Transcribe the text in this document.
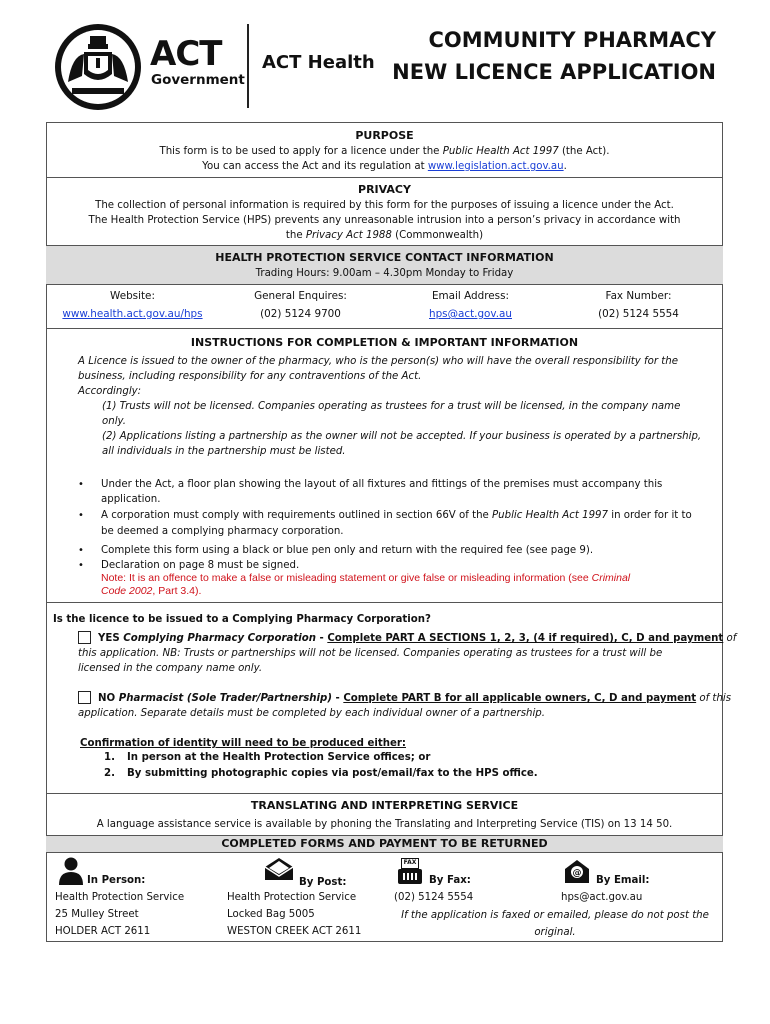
ACT
Government
ACT Health
COMMUNITY PHARMACY
NEW LICENCE APPLICATION
PURPOSE
This form is to be used to apply for a licence under the Public Health Act 1997 (the Act).
You can access the Act and its regulation at www.legislation.act.gov.au.
PRIVACY
The collection of personal information is required by this form for the purposes of issuing a licence under the Act.
The Health Protection Service (HPS) prevents any unreasonable intrusion into a person’s privacy in accordance with
the Privacy Act 1988 (Commonwealth)
HEALTH PROTECTION SERVICE CONTACT INFORMATION
Trading Hours: 9.00am – 4.30pm Monday to Friday
Website:
www.health.act.gov.au/hps
General Enquires:
(02) 5124 9700
Email Address:
hps@act.gov.au
Fax Number:
(02) 5124 5554
INSTRUCTIONS FOR COMPLETION & IMPORTANT INFORMATION
A Licence is issued to the owner of the pharmacy, who is the person(s) who will have the overall responsibility for the
business, including responsibility for any contraventions of the Act.
Accordingly:
(1) Trusts will not be licensed. Companies operating as trustees for a trust will be licensed, in the company name
only.
(2) Applications listing a partnership as the owner will not be accepted. If your business is operated by a partnership,
all individuals in the partnership must be listed.
• Under the Act, a floor plan showing the layout of all fixtures and fittings of the premises must accompany this
application.
• A corporation must comply with requirements outlined in section 66V of the Public Health Act 1997 in order for it to
be deemed a complying pharmacy corporation.
• Complete this form using a black or blue pen only and return with the required fee (see page 9).
• Declaration on page 8 must be signed.
Note: It is an offence to make a false or misleading statement or give false or misleading information (see Criminal
Code 2002, Part 3.4).
Is the licence to be issued to a Complying Pharmacy Corporation?
YES Complying Pharmacy Corporation - Complete PART A SECTIONS 1, 2, 3, (4 if required), C, D and payment of
this application. NB: Trusts or partnerships will not be licensed. Companies operating as trustees for a trust will be
licensed in the company name only.
NO Pharmacist (Sole Trader/Partnership) - Complete PART B for all applicable owners, C, D and payment of this
application. Separate details must be completed by each individual owner of a partnership.
Confirmation of identity will need to be produced either:
1. In person at the Health Protection Service offices; or
2. By submitting photographic copies via post/email/fax to the HPS office.
TRANSLATING AND INTERPRETING SERVICE
A language assistance service is available by phoning the Translating and Interpreting Service (TIS) on 13 14 50.
COMPLETED FORMS AND PAYMENT TO BE RETURNED
In Person:
Health Protection Service
25 Mulley Street
HOLDER ACT 2611
By Post:
Health Protection Service
Locked Bag 5005
WESTON CREEK ACT 2611
FAX
By Fax:
(02) 5124 5554
@
By Email:
hps@act.gov.au
If the application is faxed or emailed, please do not post the
original.
